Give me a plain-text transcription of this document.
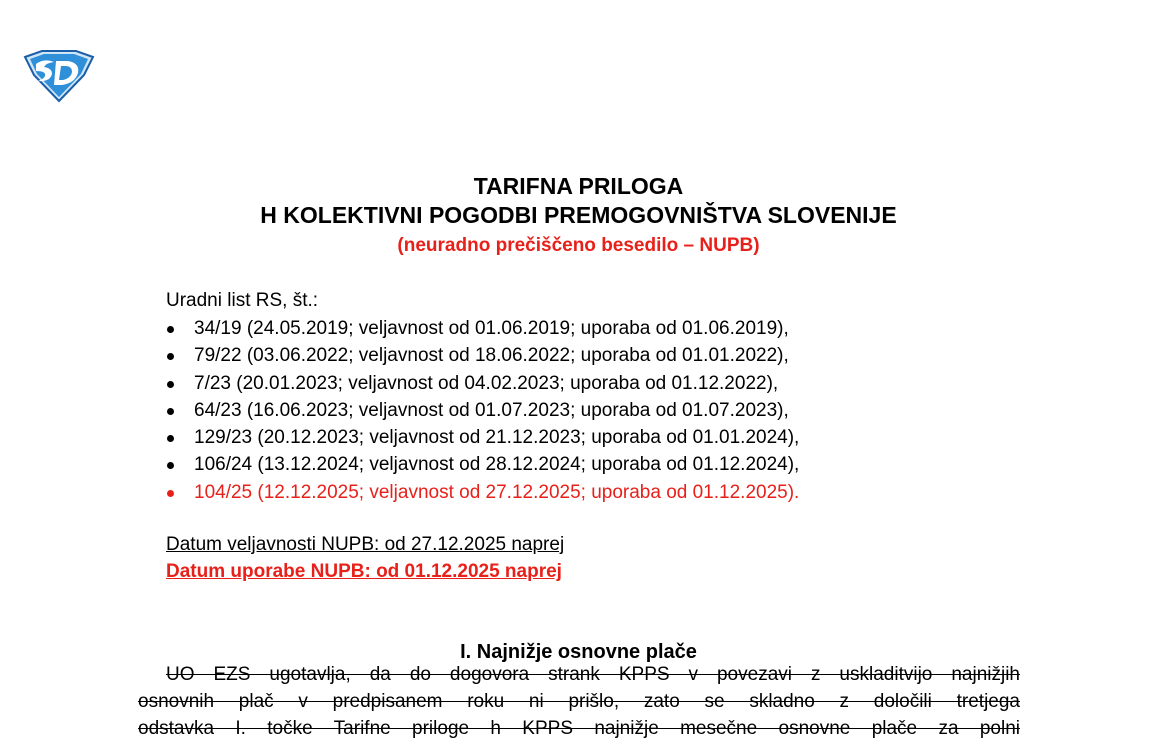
TARIFNA PRILOGA
H KOLEKTIVNI POGODBI PREMOGOVNIŠTVA SLOVENIJE
(neuradno prečiščeno besedilo – NUPB)
Uradni list RS, št.:
34/19 (24.05.2019; veljavnost od 01.06.2019; uporaba od 01.06.2019),
79/22 (03.06.2022; veljavnost od 18.06.2022; uporaba od 01.01.2022),
7/23 (20.01.2023; veljavnost od 04.02.2023; uporaba od 01.12.2022),
64/23 (16.06.2023; veljavnost od 01.07.2023; uporaba od 01.07.2023),
129/23 (20.12.2023; veljavnost od 21.12.2023; uporaba od 01.01.2024),
106/24 (13.12.2024; veljavnost od 28.12.2024; uporaba od 01.12.2024),
104/25 (12.12.2025; veljavnost od 27.12.2025; uporaba od 01.12.2025).
Datum veljavnosti NUPB: od 27.12.2025 naprej
Datum uporabe NUPB: od 01.12.2025 naprej
I. Najnižje osnovne plače
UO EZS ugotavlja, da do dogovora strank KPPS v povezavi z uskladitvijo najnižjih
osnovnih plač v predpisanem roku ni prišlo, zato se skladno z določili tretjega
odstavka I. točke Tarifne priloge h KPPS najnižje mesečne osnovne plače za polni
